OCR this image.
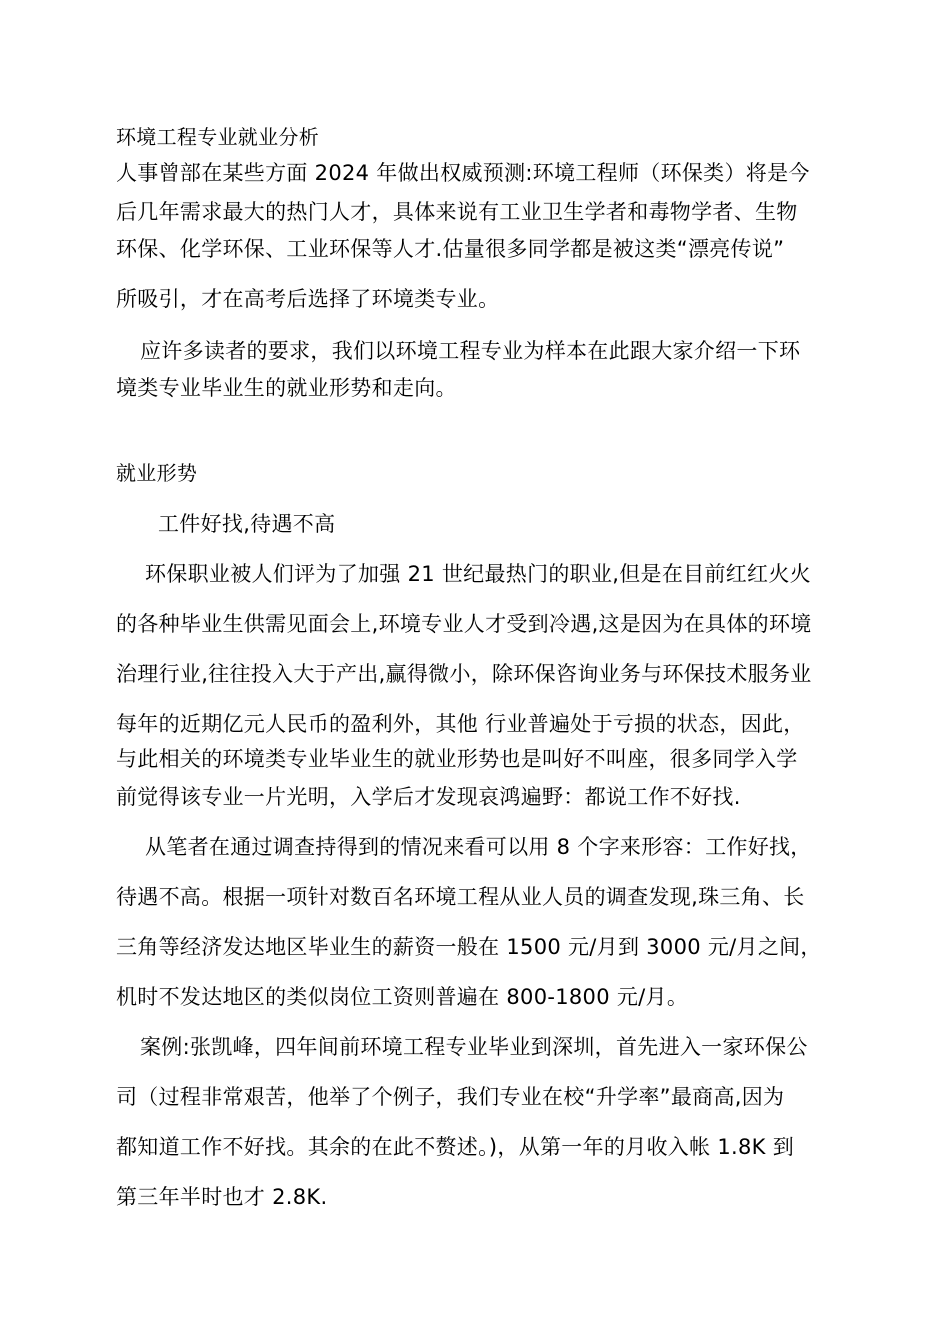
环境工程专业就业分析
人事曾部在某些方面 2024 年做出权威预测:环境工程师（环保类）将是今
后几年需求最大的热门人才，具体来说有工业卫生学者和毒物学者、生物
环保、化学环保、工业环保等人才.估量很多同学都是被这类“漂亮传说”
所吸引，才在高考后选择了环境类专业。
应许多读者的要求，我们以环境工程专业为样本在此跟大家介绍一下环
境类专业毕业生的就业形势和走向。
就业形势
工件好找,待遇不高
环保职业被人们评为了加强 21 世纪最热门的职业,但是在目前红红火火
的各种毕业生供需见面会上,环境专业人才受到冷遇,这是因为在具体的环境
治理行业,往往投入大于产出,赢得微小，除环保咨询业务与环保技术服务业
每年的近期亿元人民币的盈利外，其他 行业普遍处于亏损的状态，因此，
与此相关的环境类专业毕业生的就业形势也是叫好不叫座，很多同学入学
前觉得该专业一片光明，入学后才发现哀鸿遍野：都说工作不好找.
从笔者在通过调查持得到的情况来看可以用 8 个字来形容：工作好找，
待遇不高。根据一项针对数百名环境工程从业人员的调查发现,珠三角、长
三角等经济发达地区毕业生的薪资一般在 1500 元/月到 3000 元/月之间，
机时不发达地区的类似岗位工资则普遍在 800-1800 元/月。
案例:张凯峰，四年间前环境工程专业毕业到深圳，首先进入一家环保公
司（过程非常艰苦，他举了个例子，我们专业在校“升学率”最商高,因为
都知道工作不好找。其余的在此不赘述。)，从第一年的月收入帐 1.8K 到
第三年半时也才 2.8K.
